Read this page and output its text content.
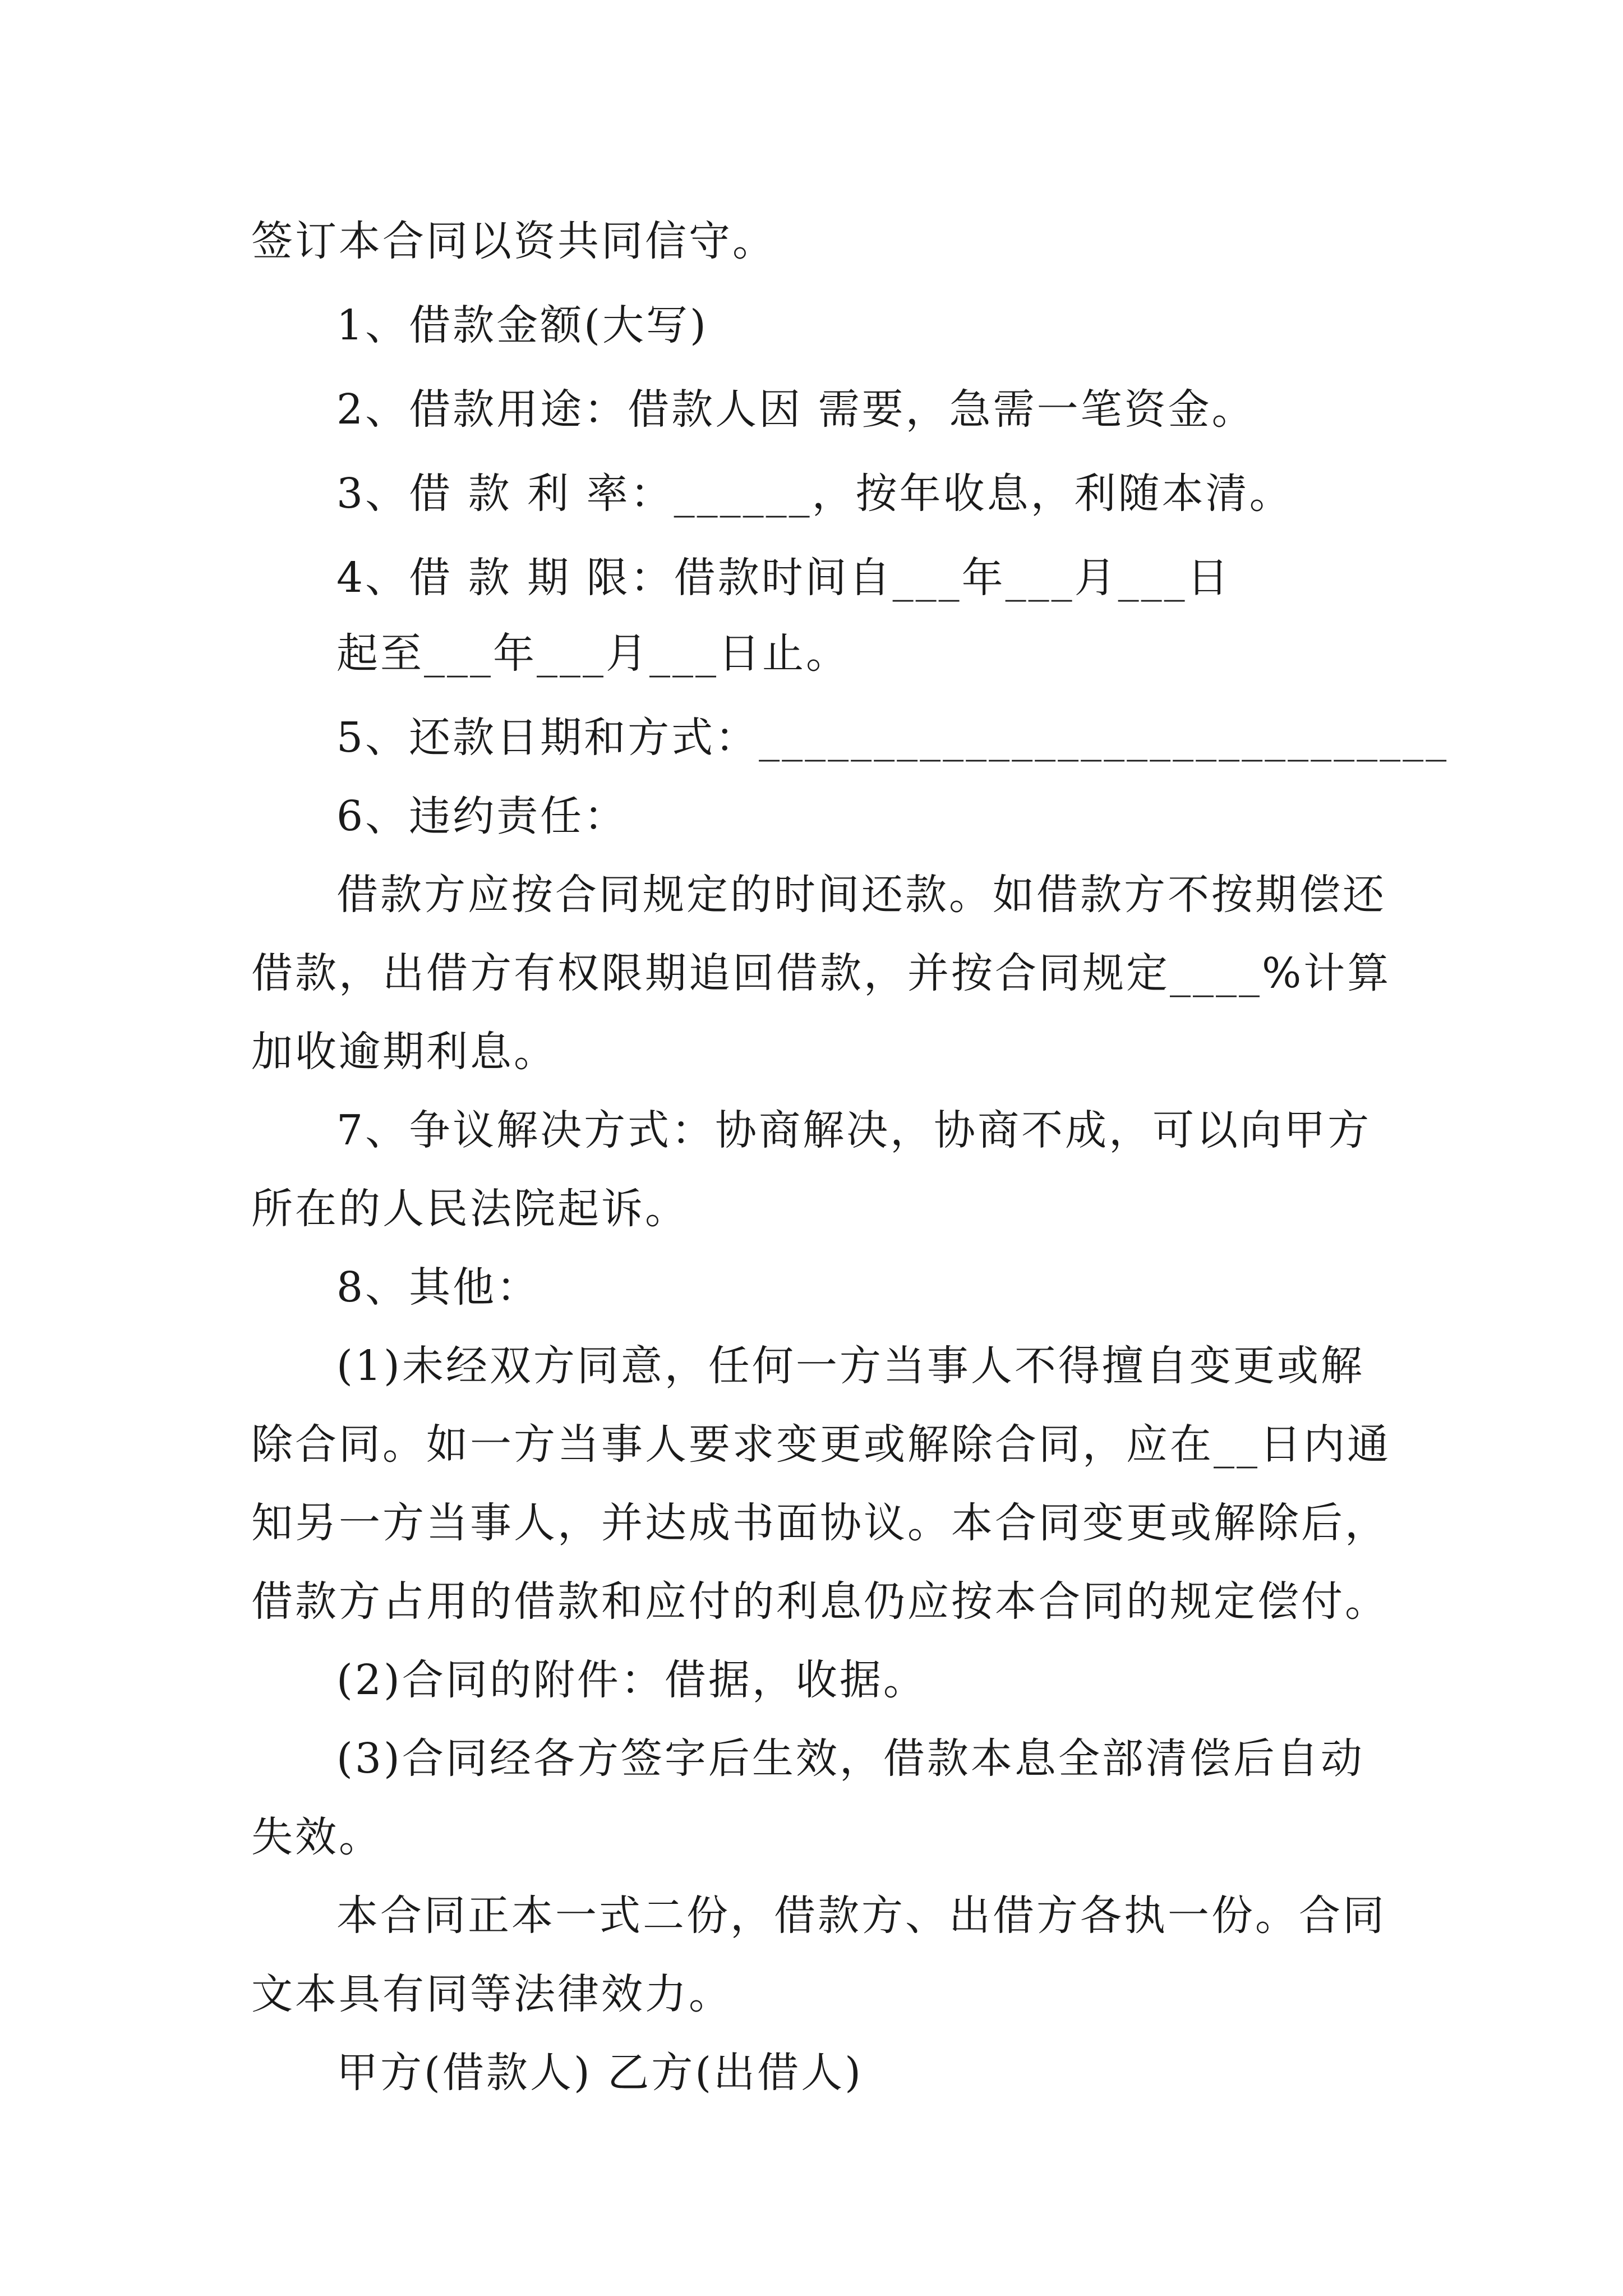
签订本合同以资共同信守。
1、借款金额(大写)
2、借款用途：借款人因 需要，急需一笔资金。
3、借 款 利 率：______，按年收息，利随本清。
4、借 款 期 限：借款时间自___年___月___日
起至___年___月___日止。
5、还款日期和方式：______________________________
6、违约责任：
借款方应按合同规定的时间还款。如借款方不按期偿还
借款，出借方有权限期追回借款，并按合同规定____%计算
加收逾期利息。
7、争议解决方式：协商解决，协商不成，可以向甲方
所在的人民法院起诉。
8、其他：
(1)未经双方同意，任何一方当事人不得擅自变更或解
除合同。如一方当事人要求变更或解除合同，应在__日内通
知另一方当事人，并达成书面协议。本合同变更或解除后，
借款方占用的借款和应付的利息仍应按本合同的规定偿付。
(2)合同的附件：借据，收据。
(3)合同经各方签字后生效，借款本息全部清偿后自动
失效。
本合同正本一式二份，借款方、出借方各执一份。合同
文本具有同等法律效力。
甲方(借款人) 乙方(出借人)
